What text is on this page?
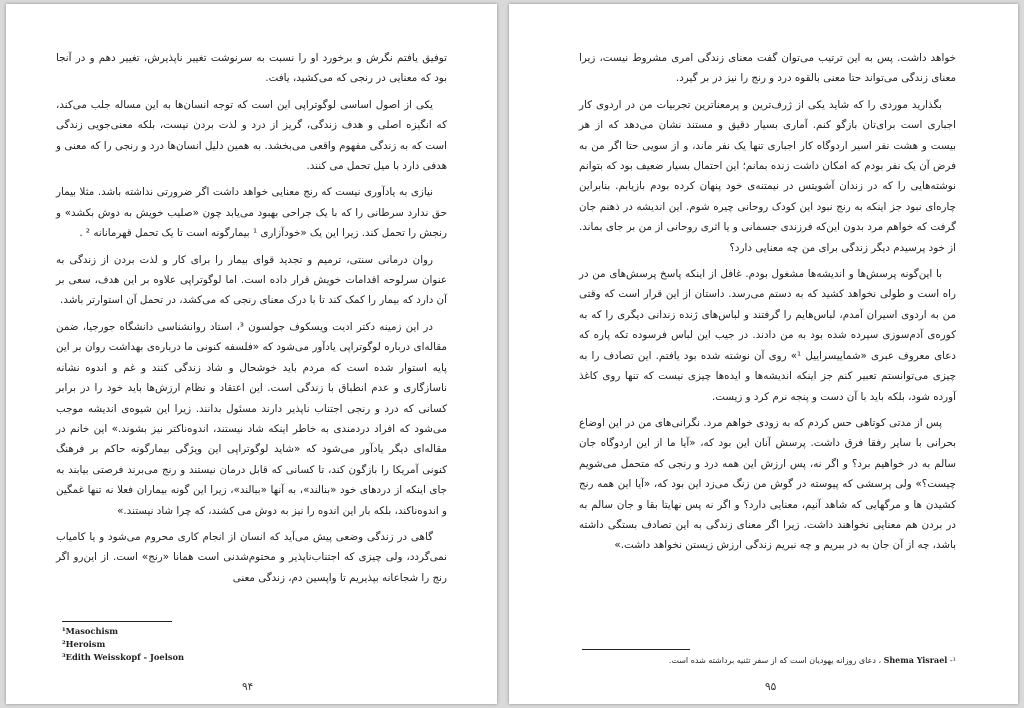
توفیق یافتم نگرش و برخورد او را نسبت به سرنوشت تغییر ناپذیرش، تغییر دهم و در آنجا بود که معنایی در رنجی که می‌کشید، یافت.

یکی از اصول اساسی لوگوتراپی این است که توجه انسان‌ها به این مساله جلب می‌کند، که انگیزه اصلی و هدف زندگی، گریز از درد و لذت بردن نیست، بلکه معنی‌جویی زندگی است که به زندگی مفهوم واقعی می‌بخشد. به همین دلیل انسان‌ها درد و رنجی را که معنی و هدفی دارد با میل تحمل می کنند.

نیازی به یادآوری نیست که رنج معنایی خواهد داشت اگر ضرورتی نداشته باشد. مثلا بیمار حق ندارد سرطانی را که با یک جراحی بهبود می‌یابد چون «صلیب خویش به دوش بکشد» و رنجش را تحمل کند. زیرا این یک «خودآزاری ¹ بیمارگونه است تا یک تحمل قهرمانانه ² .

روان درمانی سنتی، ترمیم و تجدید قوای بیمار را برای کار و لذت بردن از زندگی به عنوان سرلوحه اقدامات خویش قرار داده است. اما لوگوتراپی علاوه بر این هدف، سعی بر آن دارد که بیمار را کمک کند تا با درک معنای رنجی که می‌کشد، در تحمل آن استوارتر باشد.

در این زمینه دکتر ادیت ویسکوف جولسون ³، استاد روانشناسی دانشگاه جورجیا، ضمن مقاله‌ای درباره لوگوتراپی یادآور می‌شود که «فلسفه کنونی ما درباره‌ی بهداشت روان بر این پایه استوار شده است که مردم باید خوشحال و شاد زندگی کنند و غم و اندوه نشانه ناسازگاری و عدم انطباق با زندگی است. این اعتقاد و نظام ارزش‌ها باید خود را در برابر کسانی که درد و رنجی اجتناب ناپذیر دارند مسئول بدانند. زیرا این شیوه‌ی اندیشه موجب می‌شود که افراد دردمندی به خاطر اینکه شاد نیستند، اندوه‌ناکتر نیز بشوند.» این خانم در مقاله‌ای دیگر یادآور می‌شود که «شاید لوگوتراپی این ویژگی بیمارگونه حاکم بر فرهنگ کنونی آمریکا را بازگون کند، تا کسانی که قابل درمان نیستند و رنج می‌برند فرصتی بیابند به جای اینکه از دردهای خود «بنالند»، به آنها «ببالند»، زیرا این گونه بیماران فعلا نه تنها غمگین و اندوه‌ناکند، بلکه بار این اندوه را نیز به دوش می کشند، که چرا شاد نیستند.»

گاهی در زندگی وضعی پیش می‌آید که انسان از انجام کاری محروم می‌شود و یا کامیاب نمی‌گردد، ولی چیزی که اجتناب‌ناپذیر و محتوم‌شدنی است همانا «رنج» است. از این‌رو اگر رنج را شجاعانه بپذیریم تا واپسین دم، زندگی معنی

¹Masochism
²Heroism
³Edith Weisskopf - Joelson
۹۴

خواهد داشت. پس به این ترتیب می‌توان گفت معنای زندگی امری مشروط نیست، زیرا معنای زندگی می‌تواند حتا معنی بالقوه درد و رنج را نیز در بر گیرد.

بگذارید موردی را که شاید یکی از ژرف‌ترین و پرمعناترین تجربیات من در اردوی کار اجباری است برای‌تان بازگو کنم. آماری بسیار دقیق و مستند نشان می‌دهد که از هر بیست و هشت نفر اسیر اردوگاه کار اجباری تنها یک نفر ماند، و از سویی حتا اگر من به فرض آن یک نفر بودم که امکان داشت زنده بمانم؛ این احتمال بسیار ضعیف بود که بتوانم نوشته‌هایی را که در زندان آشویتس در نیمتنه‌ی خود پنهان کرده بودم بازیابم. بنابراین چاره‌ای نبود جز اینکه به رنج نبود این کودک روحانی چیره شوم. این اندیشه در ذهنم جان گرفت که خواهم مرد بدون این‌که فرزندی جسمانی و یا اثری روحانی از من بر جای بماند. از خود پرسیدم دیگر زندگی برای من چه معنایی دارد؟

با این‌گونه پرسش‌ها و اندیشه‌ها مشغول بودم. غافل از اینکه پاسخ پرسش‌های من در راه است و طولی نخواهد کشید که به دستم می‌رسد. داستان از این قرار است که وقتی من به اردوی اسیران آمدم، لباس‌هایم را گرفتند و لباس‌های ژنده زندانی دیگری را که به کوره‌ی آدم‌سوزی سپرده شده بود به من دادند. در جیب این لباس فرسوده تکه پاره که دعای معروف عبری «شماییسراییل ¹» روی آن نوشته شده بود یافتم. این تصادف را به چیزی‌ می‌توانستم تعبیر کنم جز اینکه اندیشه‌ها و ایده‌ها چیزی نیست که تنها روی کاغذ آورده شود، بلکه باید با آن دست و پنجه نرم کرد و زیست.

پس از مدتی کوتاهی حس کردم که به زودی خواهم مرد. نگرانی‌های من در این اوضاع بحرانی با سایر رفقا فرق داشت. پرسش آنان این بود که، «آیا ما از این اردوگاه جان سالم به در خواهیم برد؟ و اگر نه، پس ارزش این همه درد و رنجی که متحمل می‌شویم چیست؟» ولی پرسشی که پیوسته در گوش من زنگ می‌زد این بود که، «آیا این همه رنج کشیدن ها و مرگهایی که شاهد آنیم، معنایی دارد؟ و اگر نه پس نهایتا بقا و جان سالم به در بردن هم معنایی نخواهند داشت. زیرا اگر معنای زندگی به این تصادف بستگی داشته باشد، چه از آن جان به در ببریم و چه نبریم زندگی ارزش زیستن نخواهد داشت.»

¹- Shema Yisrael ، دعای روزانه یهودیان است که از سفر تثنیه برداشته شده است.
۹۵
